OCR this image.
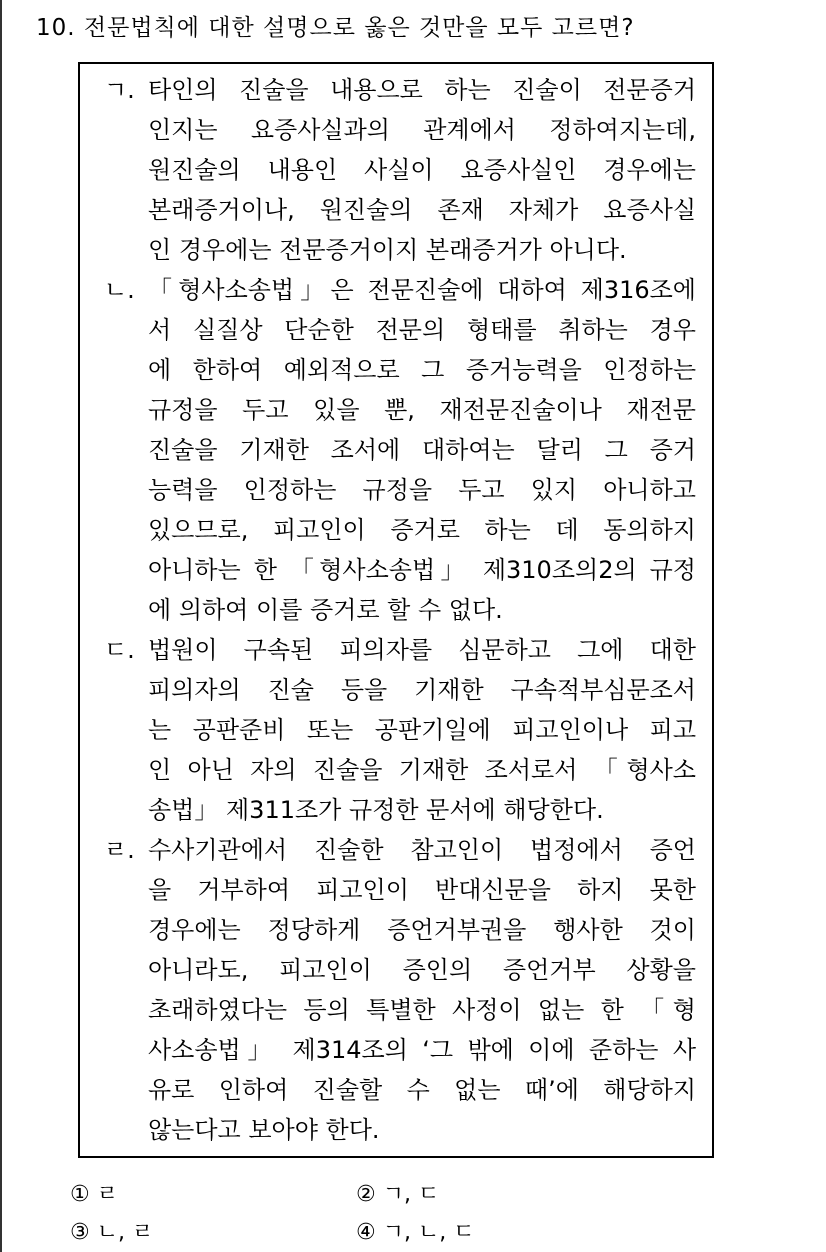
10. 전문법칙에 대한 설명으로 옳은 것만을 모두 고르면?
ㄱ. 타인의 진술을 내용으로 하는 진술이 전문증거
인지는 요증사실과의 관계에서 정하여지는데,
원진술의 내용인 사실이 요증사실인 경우에는
본래증거이나, 원진술의 존재 자체가 요증사실
인 경우에는 전문증거이지 본래증거가 아니다.
ㄴ. 「형사소송법」은 전문진술에 대하여 제316조에
서 실질상 단순한 전문의 형태를 취하는 경우
에 한하여 예외적으로 그 증거능력을 인정하는
규정을 두고 있을 뿐, 재전문진술이나 재전문
진술을 기재한 조서에 대하여는 달리 그 증거
능력을 인정하는 규정을 두고 있지 아니하고
있으므로, 피고인이 증거로 하는 데 동의하지
아니하는 한 「형사소송법」 제310조의2의 규정
에 의하여 이를 증거로 할 수 없다.
ㄷ. 법원이 구속된 피의자를 심문하고 그에 대한
피의자의 진술 등을 기재한 구속적부심문조서
는 공판준비 또는 공판기일에 피고인이나 피고
인 아닌 자의 진술을 기재한 조서로서 「형사소
송법」 제311조가 규정한 문서에 해당한다.
ㄹ. 수사기관에서 진술한 참고인이 법정에서 증언
을 거부하여 피고인이 반대신문을 하지 못한
경우에는 정당하게 증언거부권을 행사한 것이
아니라도, 피고인이 증인의 증언거부 상황을
초래하였다는 등의 특별한 사정이 없는 한 「형
사소송법」 제314조의 ‘그 밖에 이에 준하는 사
유로 인하여 진술할 수 없는 때’에 해당하지
않는다고 보아야 한다.
① ㄹ	② ㄱ, ㄷ
③ ㄴ, ㄹ	④ ㄱ, ㄴ, ㄷ
